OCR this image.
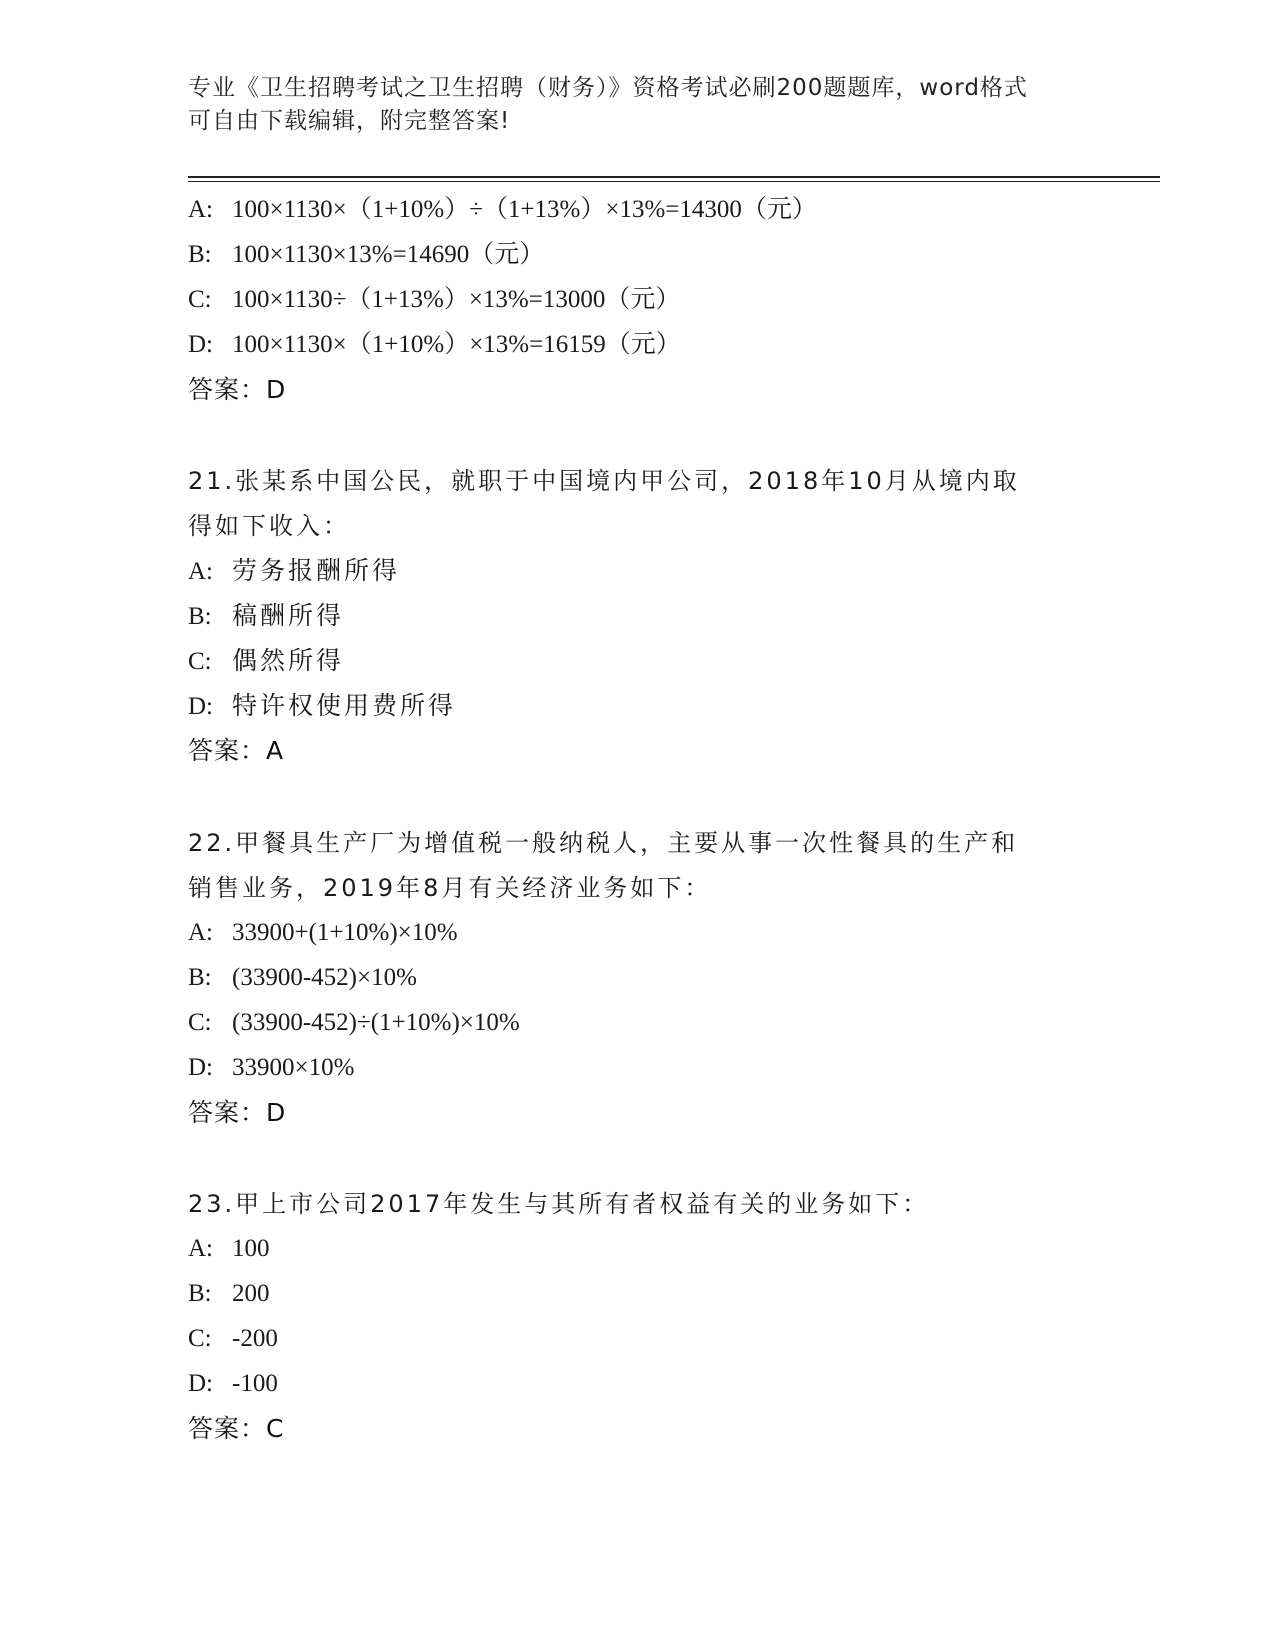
专业《卫生招聘考试之卫生招聘（财务）》资格考试必刷200题题库，word格式
可自由下载编辑，附完整答案!
A: 100×1130×（1+10%）÷（1+13%）×13%=14300（元）
B: 100×1130×13%=14690（元）
C: 100×1130÷（1+13%）×13%=13000（元）
D: 100×1130×（1+10%）×13%=16159（元）
答案：D
21.张某系中国公民，就职于中国境内甲公司，2018年10月从境内取
得如下收入：
A: 劳务报酬所得
B: 稿酬所得
C: 偶然所得
D: 特许权使用费所得
答案：A
22.甲餐具生产厂为增值税一般纳税人，主要从事一次性餐具的生产和
销售业务，2019年8月有关经济业务如下：
A: 33900+(1+10%)×10%
B: (33900-452)×10%
C: (33900-452)÷(1+10%)×10%
D: 33900×10%
答案：D
23.甲上市公司2017年发生与其所有者权益有关的业务如下：
A: 100
B: 200
C: -200
D: -100
答案：C
